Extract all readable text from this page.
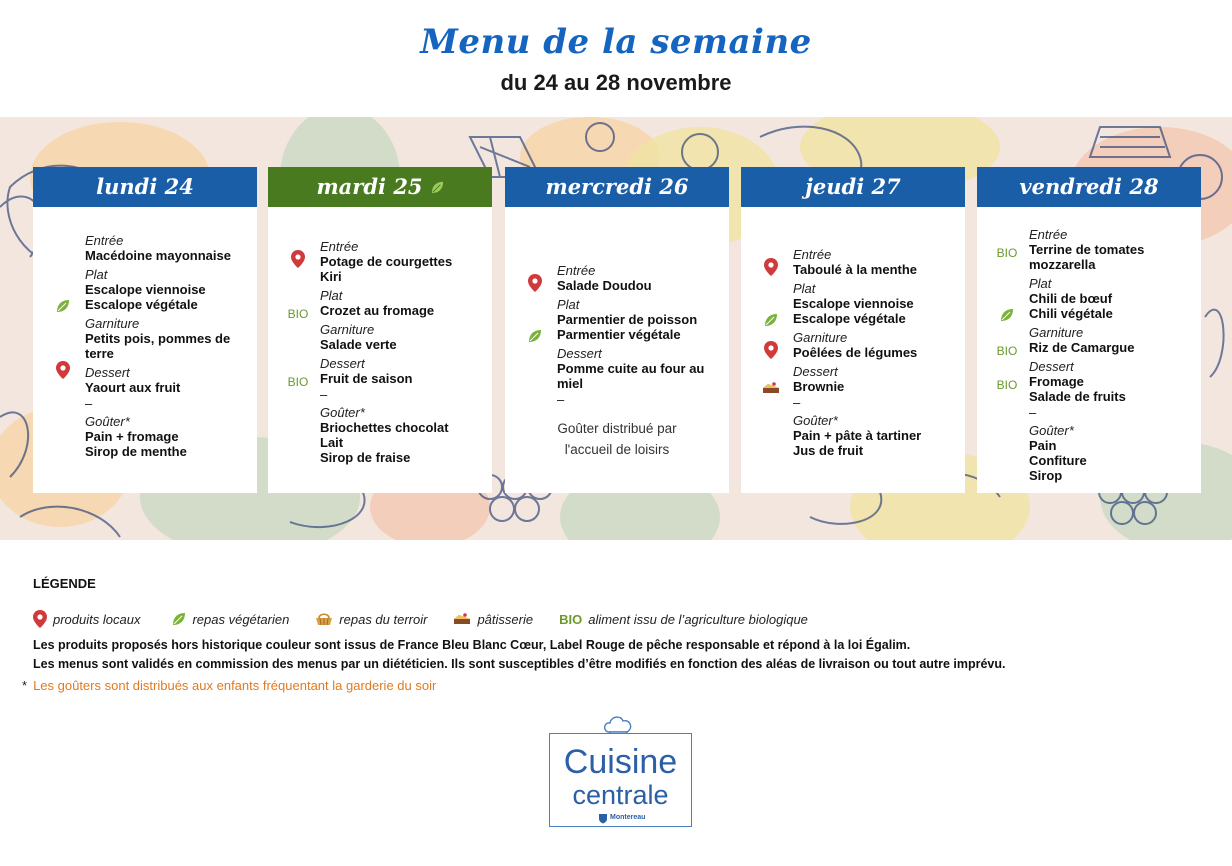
Menu de la semaine
du 24 au 28 novembre
lundi 24
Entrée
Macédoine mayonnaise
Plat
Escalope viennoise
Escalope végétale
Garniture
Petits pois, pommes de terre
Dessert
Yaourt aux fruit
–
Goûter*
Pain + fromage
Sirop de menthe
mardi 25
Entrée
Potage de courgettes
Kiri
Plat
Crozet au fromage
BIO
Garniture
Salade verte
Dessert
Fruit de saison
BIO
–
Goûter*
Briochettes chocolat
Lait
Sirop de fraise
mercredi 26
Entrée
Salade Doudou
Plat
Parmentier de poisson
Parmentier végétale
Dessert
Pomme cuite au four au miel
–
Goûter distribué par l'accueil de loisirs
jeudi 27
Entrée
Taboulé à la menthe
Plat
Escalope viennoise
Escalope végétale
Garniture
Poêlées de légumes
Dessert
Brownie
–
Goûter*
Pain + pâte à tartiner
Jus de fruit
vendredi 28
Entrée
Terrine de tomates mozzarella
BIO
Plat
Chili de bœuf
Chili végétale
Garniture
Riz de Camargue
BIO
Dessert
Fromage
BIO
Salade de fruits
–
Goûter*
Pain
Confiture
Sirop
LÉGENDE
produits locaux	repas végétarien	repas du terroir	pâtisserie BIO aliment issu de l’agriculture biologique
Les produits proposés hors historique couleur sont issus de France Bleu Blanc Cœur, Label Rouge de pêche responsable et répond à la loi Égalim.
Les menus sont validés en commission des menus par un diététicien. Ils sont susceptibles d’être modifiés en fonction des aléas de livraison ou tout autre imprévu.
* Les goûters sont distribués aux enfants fréquentant la garderie du soir
Cuisine
centrale
Montereau
